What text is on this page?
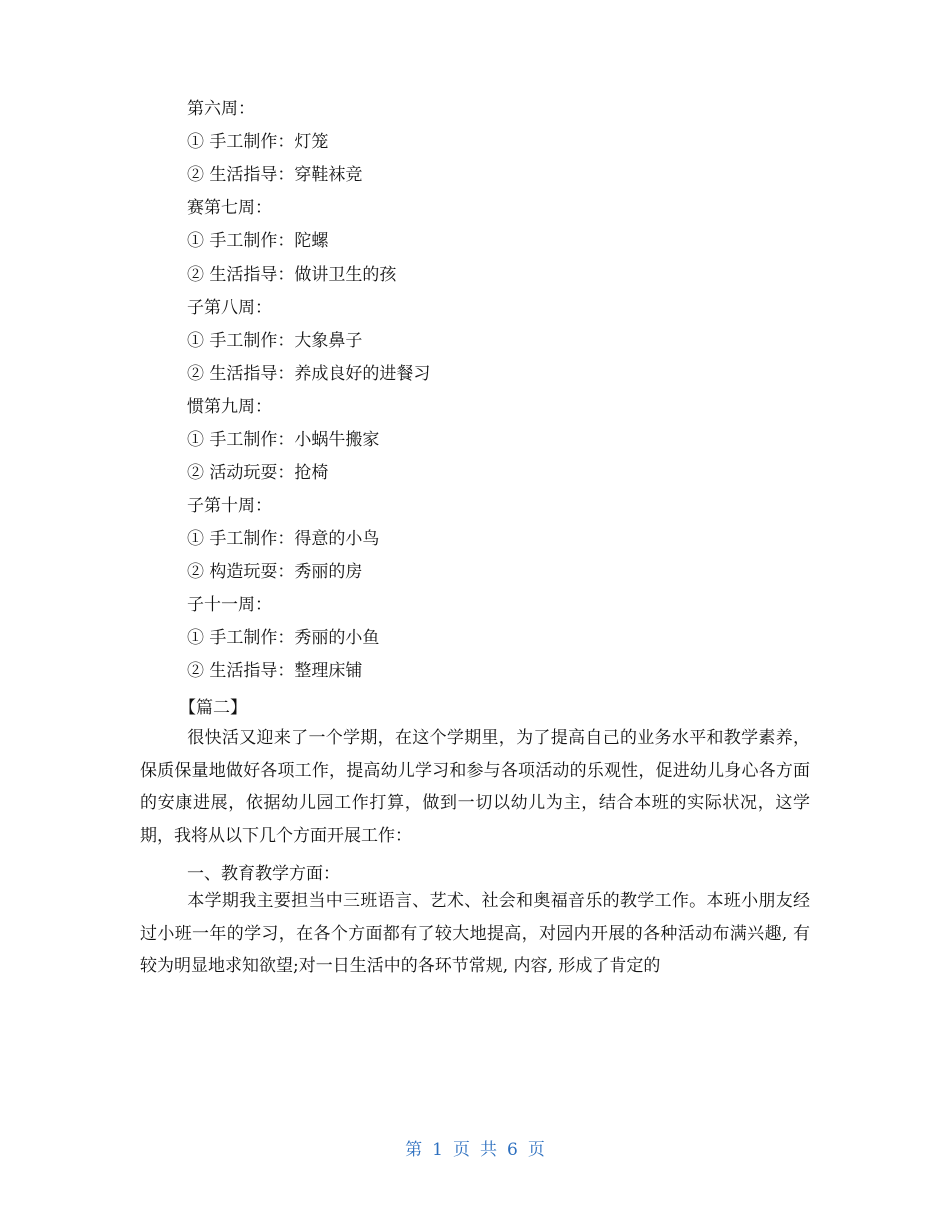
第六周：
① 手工制作：灯笼
② 生活指导：穿鞋袜竞
赛第七周：
① 手工制作：陀螺
② 生活指导：做讲卫生的孩
子第八周：
① 手工制作：大象鼻子
② 生活指导：养成良好的进餐习
惯第九周：
① 手工制作：小蜗牛搬家
② 活动玩耍：抢椅
子第十周：
① 手工制作：得意的小鸟
② 构造玩耍：秀丽的房
子十一周：
① 手工制作：秀丽的小鱼
② 生活指导：整理床铺
【篇二】
很快活又迎来了一个学期，在这个学期里，为了提高自己的业务水平和教学素养，保质保量地做好各项工作，提高幼儿学习和参与各项活动的乐观性，促进幼儿身心各方面的安康进展，依据幼儿园工作打算，做到一切以幼儿为主，结合本班的实际状况，这学期，我将从以下几个方面开展工作：
一、教育教学方面：
本学期我主要担当中三班语言、艺术、社会和奥福音乐的教学工作。本班小朋友经过小班一年的学习，在各个方面都有了较大地提高，对园内开展的各种活动布满兴趣, 有较为明显地求知欲望;对一日生活中的各环节常规, 内容, 形成了肯定的
第 1 页 共 6 页
